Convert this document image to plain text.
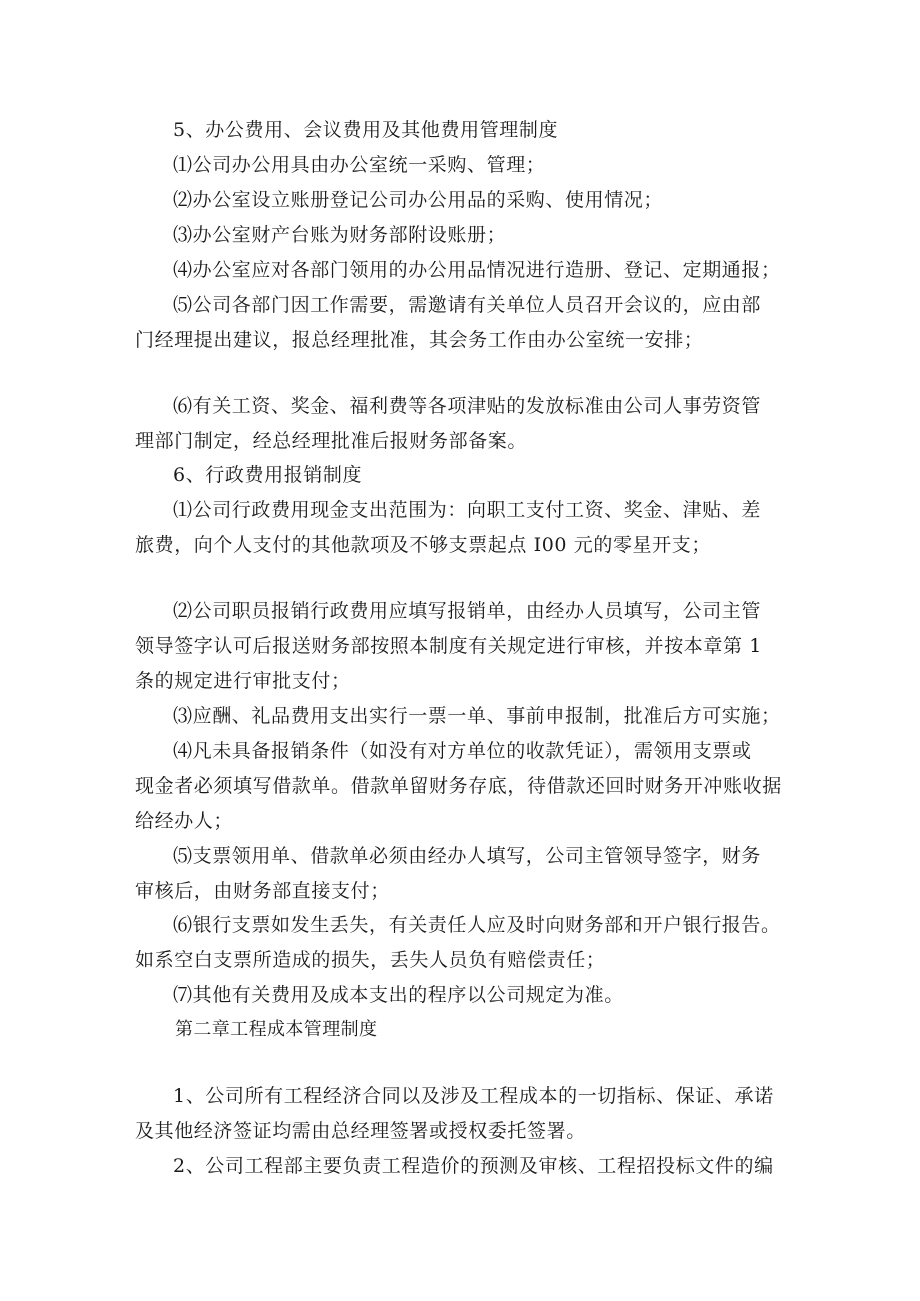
5、办公费用、会议费用及其他费用管理制度
⑴公司办公用具由办公室统一采购、管理；
⑵办公室设立账册登记公司办公用品的采购、使用情况；
⑶办公室财产台账为财务部附设账册；
⑷办公室应对各部门领用的办公用品情况进行造册、登记、定期通报；
⑸公司各部门因工作需要，需邀请有关单位人员召开会议的，应由部
门经理提出建议，报总经理批准，其会务工作由办公室统一安排；
⑹有关工资、奖金、福利费等各项津贴的发放标准由公司人事劳资管
理部门制定，经总经理批准后报财务部备案。
6、行政费用报销制度
⑴公司行政费用现金支出范围为：向职工支付工资、奖金、津贴、差
旅费，向个人支付的其他款项及不够支票起点 I00 元的零星开支；
⑵公司职员报销行政费用应填写报销单，由经办人员填写，公司主管
领导签字认可后报送财务部按照本制度有关规定进行审核，并按本章第 1
条的规定进行审批支付；
⑶应酬、礼品费用支出实行一票一单、事前申报制，批准后方可实施；
⑷凡未具备报销条件（如没有对方单位的收款凭证），需领用支票或
现金者必须填写借款单。借款单留财务存底，待借款还回时财务开冲账收据
给经办人；
⑸支票领用单、借款单必须由经办人填写，公司主管领导签字，财务
审核后，由财务部直接支付；
⑹银行支票如发生丢失，有关责任人应及时向财务部和开户银行报告。
如系空白支票所造成的损失，丢失人员负有赔偿责任；
⑺其他有关费用及成本支出的程序以公司规定为准。
第二章工程成本管理制度
1、公司所有工程经济合同以及涉及工程成本的一切指标、保证、承诺
及其他经济签证均需由总经理签署或授权委托签署。
2、公司工程部主要负责工程造价的预测及审核、工程招投标文件的编
